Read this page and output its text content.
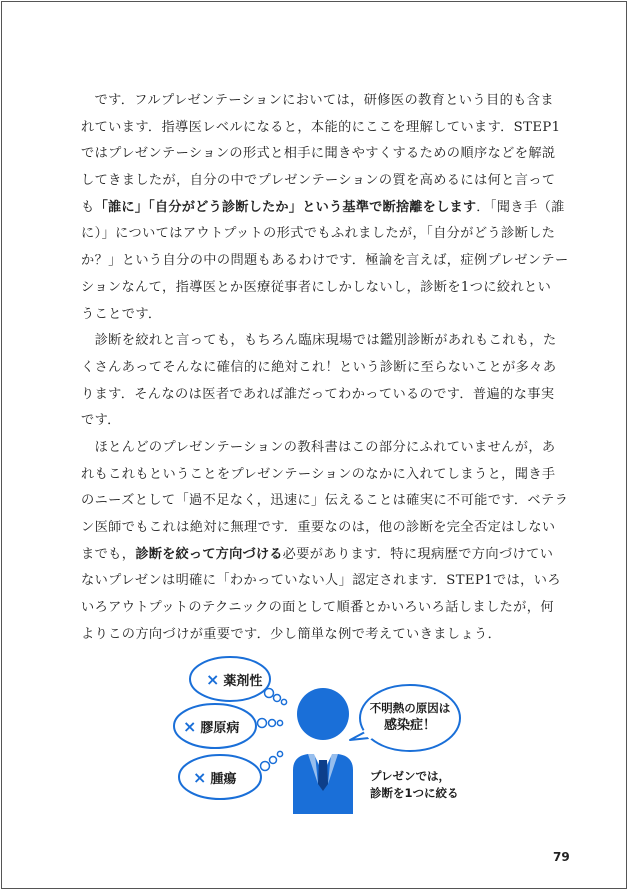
　です．フルプレゼンテーションにおいては，研修医の教育という目的も含ま

れています．指導医レベルになると，本能的にここを理解しています．STEP1

ではプレゼンテーションの形式と相手に聞きやすくするための順序などを解説

してきましたが，自分の中でプレゼンテーションの質を高めるには何と言って

も「誰に」「自分がどう診断したか」という基準で断捨離をします．「聞き手（誰

に）」についてはアウトプットの形式でもふれましたが，「自分がどう診断した

か？」という自分の中の問題もあるわけです．極論を言えば，症例プレゼンテー

ションなんて，指導医とか医療従事者にしかしないし，診断を1つに絞れとい

うことです．

　診断を絞れと言っても，もちろん臨床現場では鑑別診断があれもこれも，た

くさんあってそんなに確信的に絶対これ！という診断に至らないことが多々あ

ります．そんなのは医者であれば誰だってわかっているのです．普遍的な事実

です．

　ほとんどのプレゼンテーションの教科書はこの部分にふれていませんが，あ

れもこれもということをプレゼンテーションのなかに入れてしまうと，聞き手

のニーズとして「過不足なく，迅速に」伝えることは確実に不可能です．ベテラ

ン医師でもこれは絶対に無理です．重要なのは，他の診断を完全否定はしない

までも，診断を絞って方向づける必要があります．特に現病歴で方向づけてい

ないプレゼンは明確に「わかっていない人」認定されます．STEP1では，いろ

いろアウトプットのテクニックの面として順番とかいろいろ話しましたが，何

よりこの方向づけが重要です．少し簡単な例で考えていきましょう．

× 薬剤性
× 膠原病
× 腫瘍
不明熱の原因は
感染症！
プレゼンでは，
診断を1つに絞る
79
